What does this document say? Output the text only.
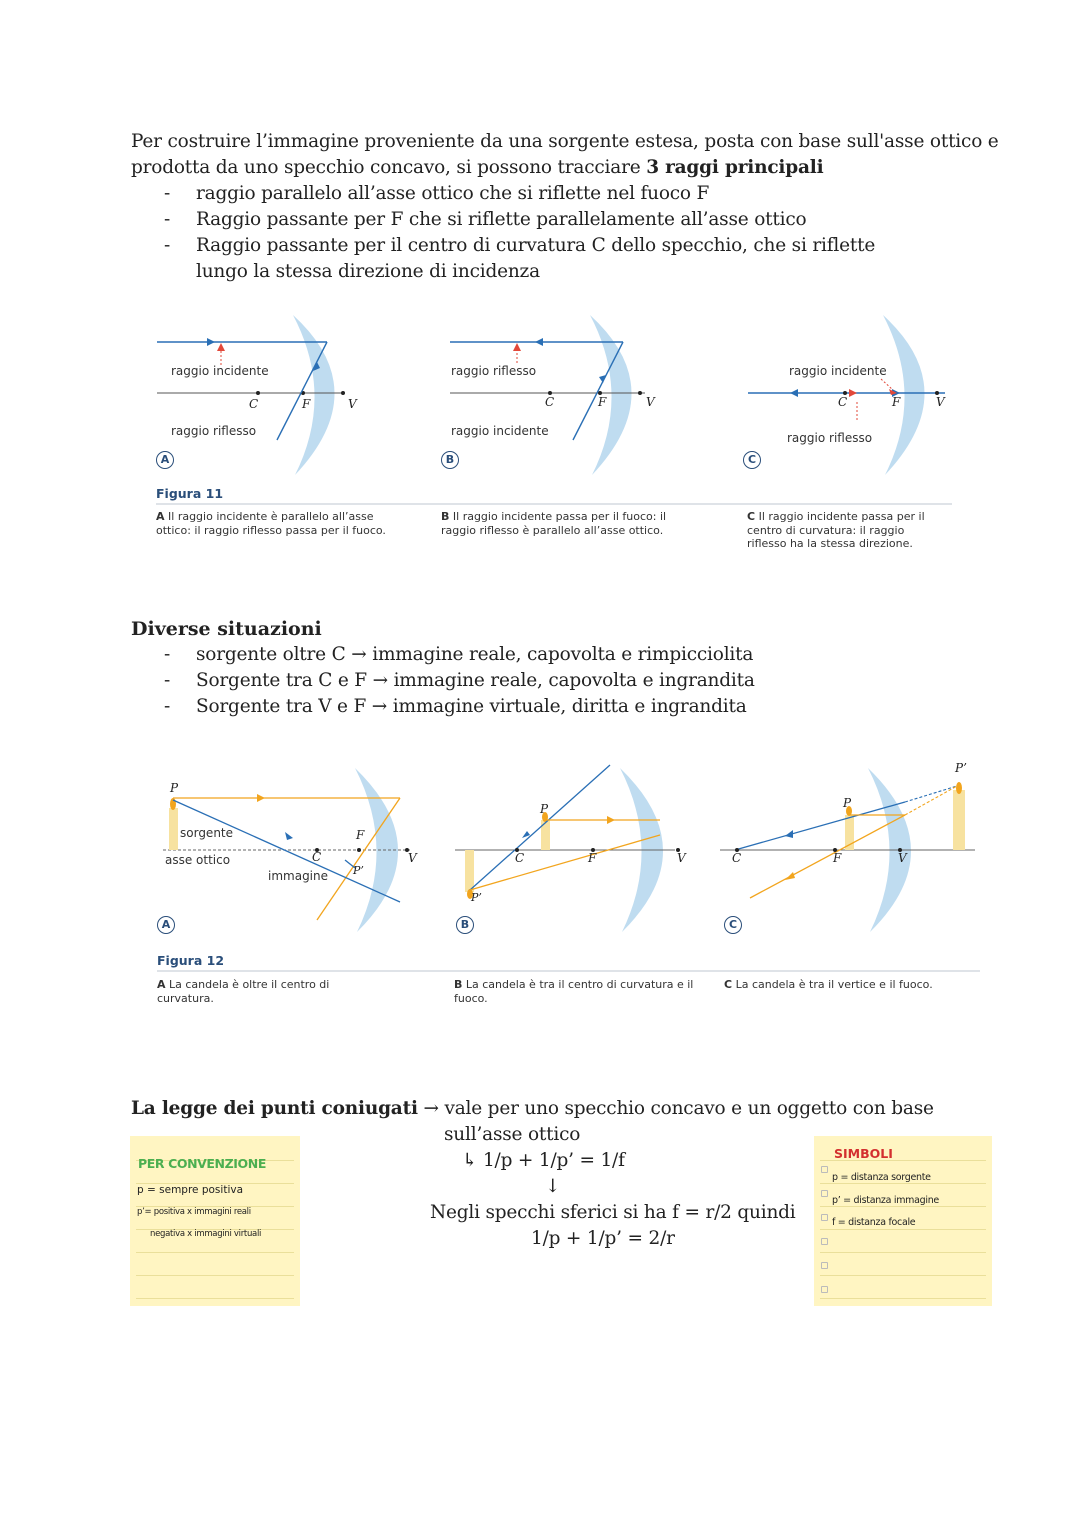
Per costruire l’immagine proveniente da una sorgente estesa, posta con base sull'asse ottico e
prodotta da uno specchio concavo, si possono tracciare 3 raggi principali
- raggio parallelo all’asse ottico che si riflette nel fuoco F
- Raggio passante per F che si riflette parallelamente all’asse ottico
- Raggio passante per il centro di curvatura C dello specchio, che si riflette lungo la stessa direzione di incidenza
raggio incidente
raggio riflesso
C	F	V
A
raggio riflesso
raggio incidente
C	F	V
B
raggio incidente
raggio riflesso
C	F	V
C
Figura 11
A Il raggio incidente è parallelo all’asse ottico: il raggio riflesso passa per il fuoco.
B Il raggio incidente passa per il fuoco: il raggio riflesso è parallelo all’asse ottico.
C Il raggio incidente passa per il centro di curvatura: il raggio riflesso ha la stessa direzione.
Diverse situazioni
- sorgente oltre C → immagine reale, capovolta e rimpicciolita
- Sorgente tra C e F → immagine reale, capovolta e ingrandita
- Sorgente tra V e F → immagine virtuale, diritta e ingrandita
P
sorgente
asse ottico
immagine
C
F
V
P’
A
P
C	F	V
P’
B
P
P’
C	F	V
C
Figura 12
A La candela è oltre il centro di curvatura.
B La candela è tra il centro di curvatura e il fuoco.
C La candela è tra il vertice e il fuoco.
La legge dei punti coniugati → vale per uno specchio concavo e un oggetto con base
sull’asse ottico
↳ 1/p + 1/p’ = 1/f
↓
Negli specchi sferici si ha f = r/2 quindi
1/p + 1/p’ = 2/r
PER CONVENZIONE
p = sempre positiva
p’= positiva x immagini reali
negativa x immagini virtuali
SIMBOLI
p = distanza sorgente
p’ = distanza immagine
f = distanza focale
